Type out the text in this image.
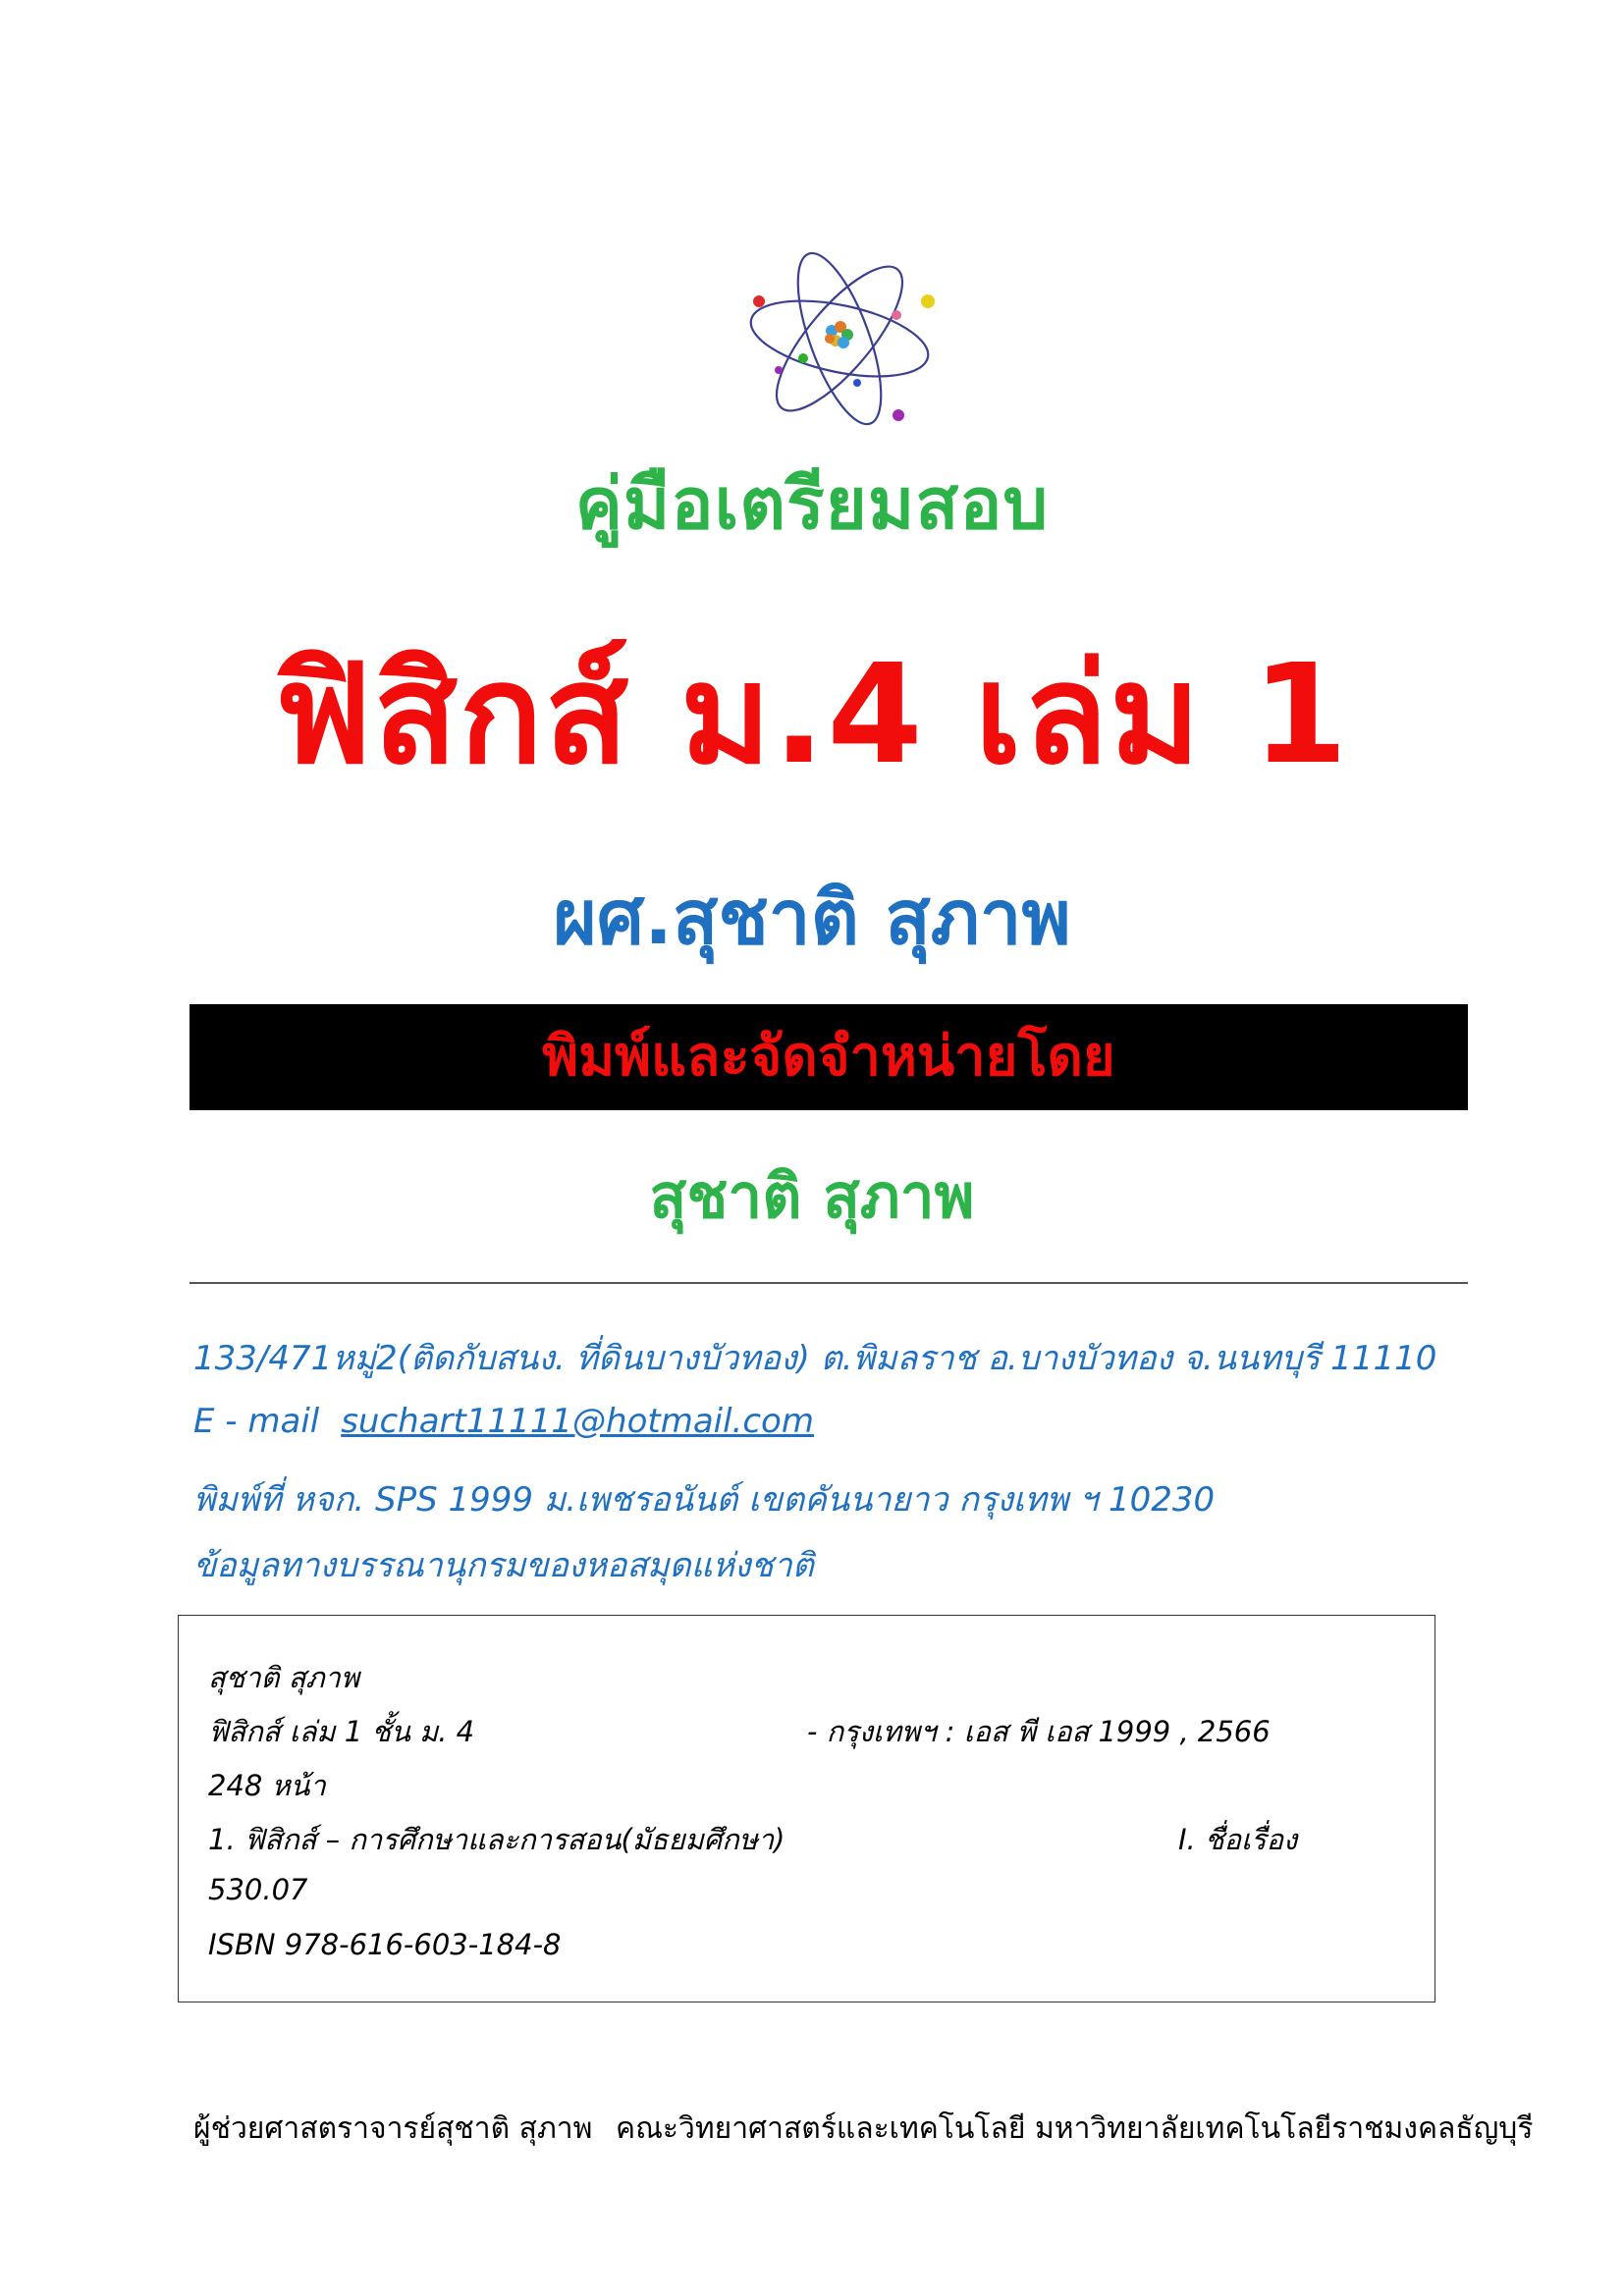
คู่มือเตรียมสอบ
ฟิสิกส์ ม.4 เล่ม 1
ผศ.สุชาติ สุภาพ
พิมพ์และจัดจำหน่ายโดย
สุชาติ สุภาพ
133/471หมู่2(ติดกับสนง. ที่ดินบางบัวทอง) ต.พิมลราช อ.บางบัวทอง จ.นนทบุรี 11110
E - mail suchart11111@hotmail.com
พิมพ์ที่ หจก. SPS 1999 ม.เพชรอนันต์ เขตคันนายาว กรุงเทพ ฯ 10230
ข้อมูลทางบรรณานุกรมของหอสมุดแห่งชาติ
สุชาติ สุภาพ
ฟิสิกส์ เล่ม 1 ชั้น ม. 4	- กรุงเทพฯ : เอส พี เอส 1999 , 2566
248 หน้า
1. ฟิสิกส์ – การศึกษาและการสอน(มัธยมศึกษา)	I. ชื่อเรื่อง
530.07
ISBN 978-616-603-184-8
ผู้ช่วยศาสตราจารย์สุชาติ สุภาพ คณะวิทยาศาสตร์และเทคโนโลยี มหาวิทยาลัยเทคโนโลยีราชมงคลธัญบุรี
